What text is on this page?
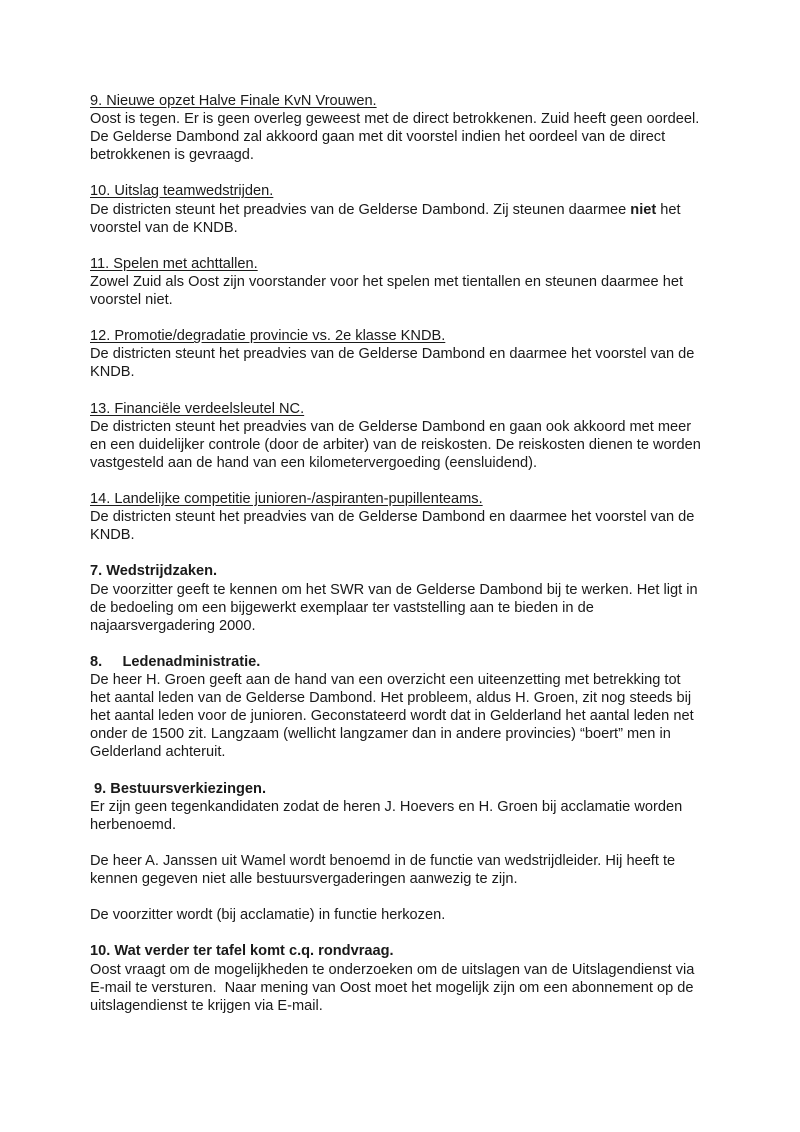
9. Nieuwe opzet Halve Finale KvN Vrouwen.

Oost is tegen. Er is geen overleg geweest met de direct betrokkenen. Zuid heeft geen oordeel.

De Gelderse Dambond zal akkoord gaan met dit voorstel indien het oordeel van de direct betrokkenen is gevraagd.

10. Uitslag teamwedstrijden.

De districten steunt het preadvies van de Gelderse Dambond. Zij steunen daarmee niet het voorstel van de KNDB.

11. Spelen met achttallen.

Zowel Zuid als Oost zijn voorstander voor het spelen met tientallen en steunen daarmee het voorstel niet.

12. Promotie/degradatie provincie vs. 2e klasse KNDB.

De districten steunt het preadvies van de Gelderse Dambond en daarmee het voorstel van de KNDB.

13. Financiële verdeelsleutel NC.

De districten steunt het preadvies van de Gelderse Dambond en gaan ook akkoord met meer en een duidelijker controle (door de arbiter) van de reiskosten. De reiskosten dienen te worden vastgesteld aan de hand van een kilometervergoeding (eensluidend).

14. Landelijke competitie junioren-/aspiranten-pupillenteams.

De districten steunt het preadvies van de Gelderse Dambond en daarmee het voorstel van de KNDB.

7. Wedstrijdzaken.

De voorzitter geeft te kennen om het SWR van de Gelderse Dambond bij te werken. Het ligt in de bedoeling om een bijgewerkt exemplaar ter vaststelling aan te bieden in de najaarsvergadering 2000.

8.	Ledenadministratie.

De heer H. Groen geeft aan de hand van een overzicht een uiteenzetting met betrekking tot het aantal leden van de Gelderse Dambond. Het probleem, aldus H. Groen, zit nog steeds bij het aantal leden voor de junioren. Geconstateerd wordt dat in Gelderland het aantal leden net onder de 1500 zit. Langzaam (wellicht langzamer dan in andere provincies) “boert” men in Gelderland achteruit.

9. Bestuursverkiezingen.

Er zijn geen tegenkandidaten zodat de heren J. Hoevers en H. Groen bij acclamatie worden herbenoemd.

De heer A. Janssen uit Wamel wordt benoemd in de functie van wedstrijdleider. Hij heeft te kennen gegeven niet alle bestuursvergaderingen aanwezig te zijn.

De voorzitter wordt (bij acclamatie) in functie herkozen.

10. Wat verder ter tafel komt c.q. rondvraag.

Oost vraagt om de mogelijkheden te onderzoeken om de uitslagen van de Uitslagendienst via E-mail te versturen.  Naar mening van Oost moet het mogelijk zijn om een abonnement op de uitslagendienst te krijgen via E-mail.
